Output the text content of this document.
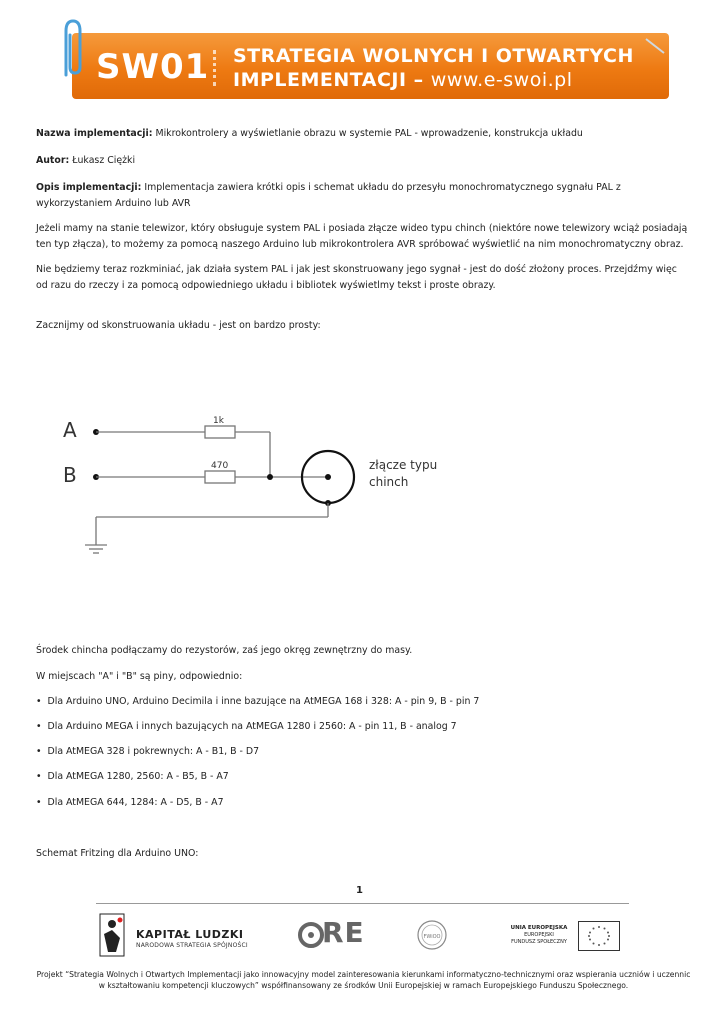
SW01 STRATEGIA WOLNYCH I OTWARTYCH
IMPLEMENTACJI – www.e-swoi.pl

Nazwa implementacji: Mikrokontrolery a wyświetlanie obrazu w systemie PAL - wprowadzenie, konstrukcja układu

Autor: Łukasz Ciężki

Opis implementacji: Implementacja zawiera krótki opis i schemat układu do przesyłu monochromatycznego sygnału PAL z wykorzystaniem Arduino lub AVR

Jeżeli mamy na stanie telewizor, który obsługuje system PAL i posiada złącze wideo typu chinch (niektóre nowe telewizory wciąż posiadają ten typ złącza), to możemy za pomocą naszego Arduino lub mikrokontrolera AVR spróbować wyświetlić na nim monochromatyczny obraz.

Nie będziemy teraz rozkminiać, jak działa system PAL i jak jest skonstruowany jego sygnał - jest do dość złożony proces. Przejdźmy więc od razu do rzeczy i za pomocą odpowiedniego układu i bibliotek wyświetlmy tekst i proste obrazy.

Zacznijmy od skonstruowania układu - jest on bardzo prosty:

A
B
1k
470	złącze typu
chinch

Środek chincha podłączamy do rezystorów, zaś jego okręg zewnętrzny do masy.

W miejscach "A" i "B" są piny, odpowiednio:

• Dla Arduino UNO, Arduino Decimila i inne bazujące na AtMEGA 168 i 328: A - pin 9, B - pin 7

• Dla Arduino MEGA i innych bazujących na AtMEGA 1280 i 2560: A - pin 11, B - analog 7

• Dla AtMEGA 328 i pokrewnych: A - B1, B - D7

• Dla AtMEGA 1280, 2560: A - B5, B - A7

• Dla AtMEGA 644, 1284: A - D5, B - A7

Schemat Fritzing dla Arduino UNO:

1
KAPITAŁ LUDZKI
NARODOWA STRATEGIA SPÓJNOŚCI	RE	FWiOO
UNIA EUROPEJSKA
EUROPEJSKI
FUNDUSZ SPOŁECZNY
Projekt “Strategia Wolnych i Otwartych Implementacji jako innowacyjny model zainteresowania kierunkami informatyczno-technicznymi oraz wspierania uczniów i uczennic w kształtowaniu kompetencji kluczowych” współfinansowany ze środków Unii Europejskiej w ramach Europejskiego Funduszu Społecznego.
